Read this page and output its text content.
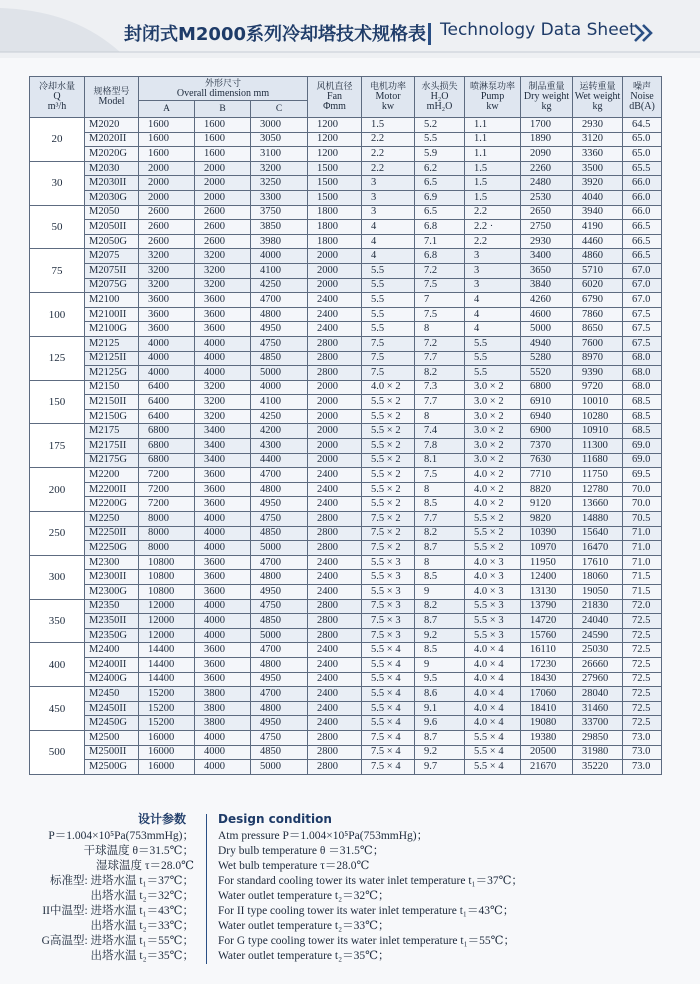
封闭式M2000系列冷却塔技术规格表 Technology Data Sheet
冷却水量
Q
m³/h	规格型号
Model	外形尺寸
Overall dimension mm			风机直径
Fan
Φmm	电机功率
Motor
kw	水头损失
H₂O
mH₂O	喷淋泵功率
Pump
kw	制品重量
Dry weight
kg	运转重量
Wet weight
kg	噪声
Noise
dB(A)

		A	B	C							
20	M2020	1600	1600	3000	1200	1.5	5.2	1.1	1700	2930	64.5
	M2020II	1600	1600	3050	1200	2.2	5.5	1.1	1890	3120	65.0
	M2020G	1600	1600	3100	1200	2.2	5.9	1.1	2090	3360	65.0
30	M2030	2000	2000	3200	1500	2.2	6.2	1.5	2260	3500	65.5
	M2030II	2000	2000	3250	1500	3	6.5	1.5	2480	3920	66.0
	M2030G	2000	2000	3300	1500	3	6.9	1.5	2530	4040	66.0
50	M2050	2600	2600	3750	1800	3	6.5	2.2	2650	3940	66.0
	M2050II	2600	2600	3850	1800	4	6.8	2.2 ·	2750	4190	66.5
	M2050G	2600	2600	3980	1800	4	7.1	2.2	2930	4460	66.5
75	M2075	3200	3200	4000	2000	4	6.8	3	3400	4860	66.5
	M2075II	3200	3200	4100	2000	5.5	7.2	3	3650	5710	67.0
	M2075G	3200	3200	4250	2000	5.5	7.5	3	3840	6020	67.0
100	M2100	3600	3600	4700	2400	5.5	7	4	4260	6790	67.0
	M2100II	3600	3600	4800	2400	5.5	7.5	4	4600	7860	67.5
	M2100G	3600	3600	4950	2400	5.5	8	4	5000	8650	67.5
125	M2125	4000	4000	4750	2800	7.5	7.2	5.5	4940	7600	67.5
	M2125II	4000	4000	4850	2800	7.5	7.7	5.5	5280	8970	68.0
	M2125G	4000	4000	5000	2800	7.5	8.2	5.5	5520	9390	68.0
150	M2150	6400	3200	4000	2000	4.0 × 2	7.3	3.0 × 2	6800	9720	68.0
	M2150II	6400	3200	4100	2000	5.5 × 2	7.7	3.0 × 2	6910	10010	68.5
	M2150G	6400	3200	4250	2000	5.5 × 2	8	3.0 × 2	6940	10280	68.5
175	M2175	6800	3400	4200	2000	5.5 × 2	7.4	3.0 × 2	6900	10910	68.5
	M2175II	6800	3400	4300	2000	5.5 × 2	7.8	3.0 × 2	7370	11300	69.0
	M2175G	6800	3400	4400	2000	5.5 × 2	8.1	3.0 × 2	7630	11680	69.0
200	M2200	7200	3600	4700	2400	5.5 × 2	7.5	4.0 × 2	7710	11750	69.5
	M2200II	7200	3600	4800	2400	5.5 × 2	8	4.0 × 2	8820	12780	70.0
	M2200G	7200	3600	4950	2400	5.5 × 2	8.5	4.0 × 2	9120	13660	70.0
250	M2250	8000	4000	4750	2800	7.5 × 2	7.7	5.5 × 2	9820	14880	70.5
	M2250II	8000	4000	4850	2800	7.5 × 2	8.2	5.5 × 2	10390	15640	71.0
	M2250G	8000	4000	5000	2800	7.5 × 2	8.7	5.5 × 2	10970	16470	71.0
300	M2300	10800	3600	4700	2400	5.5 × 3	8	4.0 × 3	11950	17610	71.0
	M2300II	10800	3600	4800	2400	5.5 × 3	8.5	4.0 × 3	12400	18060	71.5
	M2300G	10800	3600	4950	2400	5.5 × 3	9	4.0 × 3	13130	19050	71.5
350	M2350	12000	4000	4750	2800	7.5 × 3	8.2	5.5 × 3	13790	21830	72.0
	M2350II	12000	4000	4850	2800	7.5 × 3	8.7	5.5 × 3	14720	24040	72.5
	M2350G	12000	4000	5000	2800	7.5 × 3	9.2	5.5 × 3	15760	24590	72.5
400	M2400	14400	3600	4700	2400	5.5 × 4	8.5	4.0 × 4	16110	25030	72.5
	M2400II	14400	3600	4800	2400	5.5 × 4	9	4.0 × 4	17230	26660	72.5
	M2400G	14400	3600	4950	2400	5.5 × 4	9.5	4.0 × 4	18430	27960	72.5
450	M2450	15200	3800	4700	2400	5.5 × 4	8.6	4.0 × 4	17060	28040	72.5
	M2450II	15200	3800	4800	2400	5.5 × 4	9.1	4.0 × 4	18410	31460	72.5
	M2450G	15200	3800	4950	2400	5.5 × 4	9.6	4.0 × 4	19080	33700	72.5
500	M2500	16000	4000	4750	2800	7.5 × 4	8.7	5.5 × 4	19380	29850	73.0
	M2500II	16000	4000	4850	2800	7.5 × 4	9.2	5.5 × 4	20500	31980	73.0
	M2500G	16000	4000	5000	2800	7.5 × 4	9.7	5.5 × 4	21670	35220	73.0
设计参数
P＝1.004×10⁵Pa(753mmHg)；
干球温度 θ＝31.5℃；
湿球温度 τ＝28.0℃
标准型: 进塔水温 t₁＝37℃；
出塔水温 t₂＝32℃；
II中温型: 进塔水温 t₁＝43℃；
出塔水温 t₂＝33℃；
G高温型: 进塔水温 t₁＝55℃；
出塔水温 t₂＝35℃；
Design condition
Atm pressure P＝1.004×10⁵Pa(753mmHg)；
Dry bulb temperature θ ＝31.5℃；
Wet bulb temperature τ＝28.0℃
For standard cooling tower its water inlet temperature t₁＝37℃；
Water outlet temperature t₂＝32℃；
For II type cooling tower its water inlet temperature t₁＝43℃；
Water outlet temperature t₂＝33℃；
For G type cooling tower its water inlet temperature t₁＝55℃；
Water outlet temperature t₂＝35℃；
